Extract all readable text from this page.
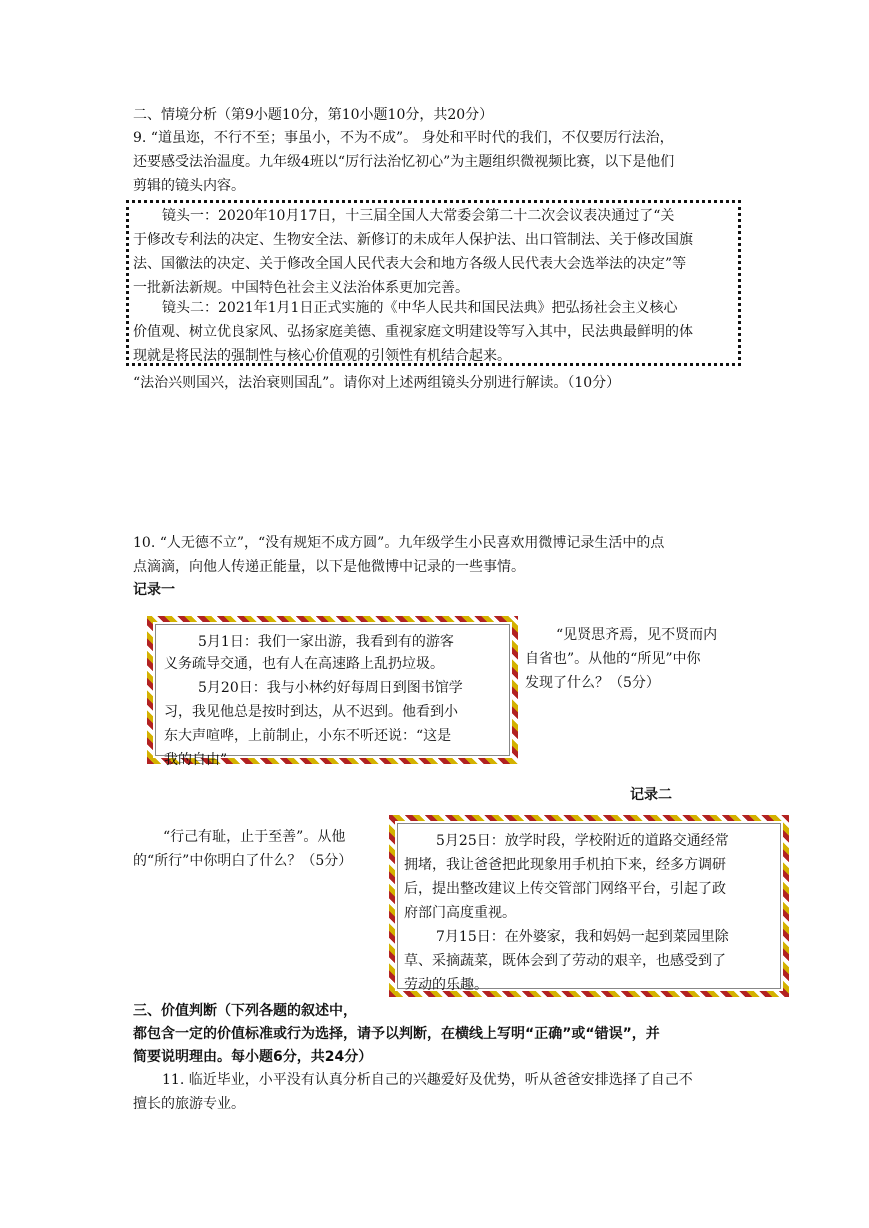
二、情境分析（第9小题10分，第10小题10分，共20分）
9. “道虽迩，不行不至；事虽小，不为不成”。 身处和平时代的我们，不仅要厉行法治，
还要感受法治温度。九年级4班以“厉行法治忆初心”为主题组织微视频比赛，以下是他们
剪辑的镜头内容。
镜头一：2020年10月17日，十三届全国人大常委会第二十二次会议表决通过了“关
于修改专利法的决定、生物安全法、新修订的未成年人保护法、出口管制法、关于修改国旗
法、国徽法的决定、关于修改全国人民代表大会和地方各级人民代表大会选举法的决定”等
一批新法新规。中国特色社会主义法治体系更加完善。
镜头二：2021年1月1日正式实施的《中华人民共和国民法典》把弘扬社会主义核心
价值观、树立优良家风、弘扬家庭美德、重视家庭文明建设等写入其中，民法典最鲜明的体
现就是将民法的强制性与核心价值观的引领性有机结合起来。
“法治兴则国兴，法治衰则国乱”。请你对上述两组镜头分别进行解读。（10分）
10. “人无德不立”，“没有规矩不成方圆”。九年级学生小民喜欢用微博记录生活中的点
点滴滴，向他人传递正能量，以下是他微博中记录的一些事情。
记录一
5月1日：我们一家出游，我看到有的游客
义务疏导交通，也有人在高速路上乱扔垃圾。
5月20日：我与小林约好每周日到图书馆学
习，我见他总是按时到达，从不迟到。他看到小
东大声喧哗，上前制止，小东不听还说：“这是
我的自由”
“见贤思齐焉，见不贤而内
自省也”。从他的“所见”中你
发现了什么？（5分）
记录二
“行己有耻，止于至善”。从他
的“所行”中你明白了什么？（5分）
5月25日：放学时段，学校附近的道路交通经常
拥堵，我让爸爸把此现象用手机拍下来，经多方调研
后，提出整改建议上传交管部门网络平台，引起了政
府部门高度重视。
7月15日：在外婆家，我和妈妈一起到菜园里除
草、采摘蔬菜，既体会到了劳动的艰辛，也感受到了
劳动的乐趣。
三、价值判断（下列各题的叙述中，
都包含一定的价值标准或行为选择，请予以判断，在横线上写明“正确”或“错误”，并
简要说明理由。每小题6分，共24分）
11. 临近毕业，小平没有认真分析自己的兴趣爱好及优势，听从爸爸安排选择了自己不
擅长的旅游专业。
